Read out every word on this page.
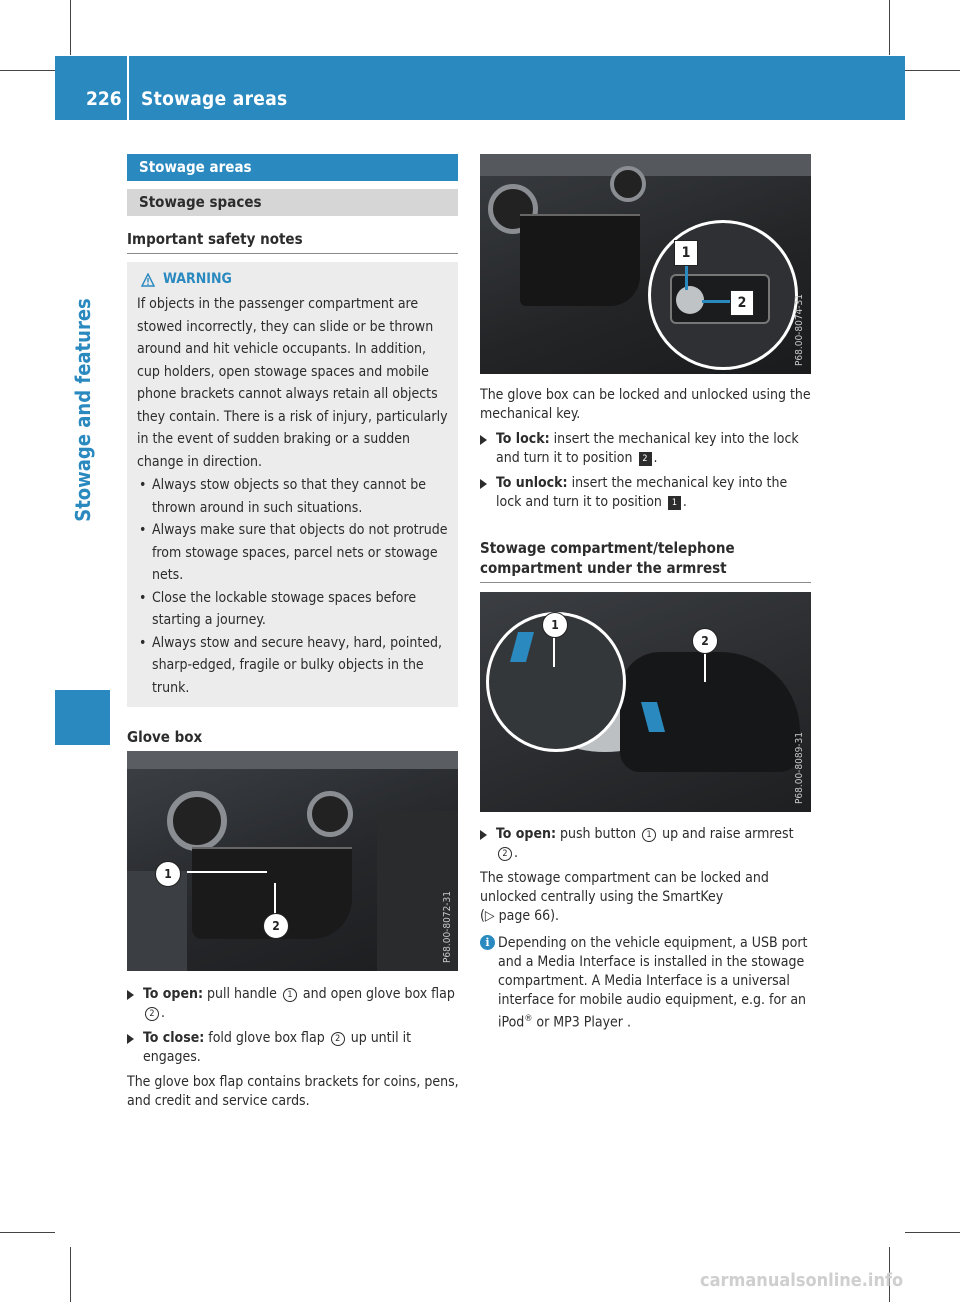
226 Stowage areas
Stowage and features
Stowage areas
Stowage spaces
Important safety notes
WARNING

If objects in the passenger compartment are stowed incorrectly, they can slide or be thrown around and hit vehicle occupants. In addition, cup holders, open stowage spaces and mobile phone brackets cannot always retain all objects they contain. There is a risk of injury, particularly in the event of sudden braking or a sudden change in direction.

• Always stow objects so that they cannot be thrown around in such situations.
• Always make sure that objects do not protrude from stowage spaces, parcel nets or stowage nets.
• Close the lockable stowage spaces before starting a journey.
• Always stow and secure heavy, hard, pointed, sharp-edged, fragile or bulky objects in the trunk.
Glove box
1
2	P68.00-8072-31
To open: pull handle 1 and open glove box flap 2 .
To close: fold glove box flap 2 up until it engages.

The glove box flap contains brackets for coins, pens, and credit and service cards.

1
2	P68.00-8074-31

The glove box can be locked and unlocked using the mechanical key.

To lock: insert the mechanical key into the lock and turn it to position 2 .
To unlock: insert the mechanical key into the lock and turn it to position 1 .
Stowage compartment/telephone compartment under the armrest
1
2
P68.00-8089-31
To open: push button 1 up and raise armrest 2 .

The stowage compartment can be locked and unlocked centrally using the SmartKey
(▷ page 66).

i Depending on the vehicle equipment, a USB port and a Media Interface is installed in the stowage compartment. A Media Interface is a universal interface for mobile audio equipment, e.g. for an iPod® or MP3 Player .
carmanualsonline.info
